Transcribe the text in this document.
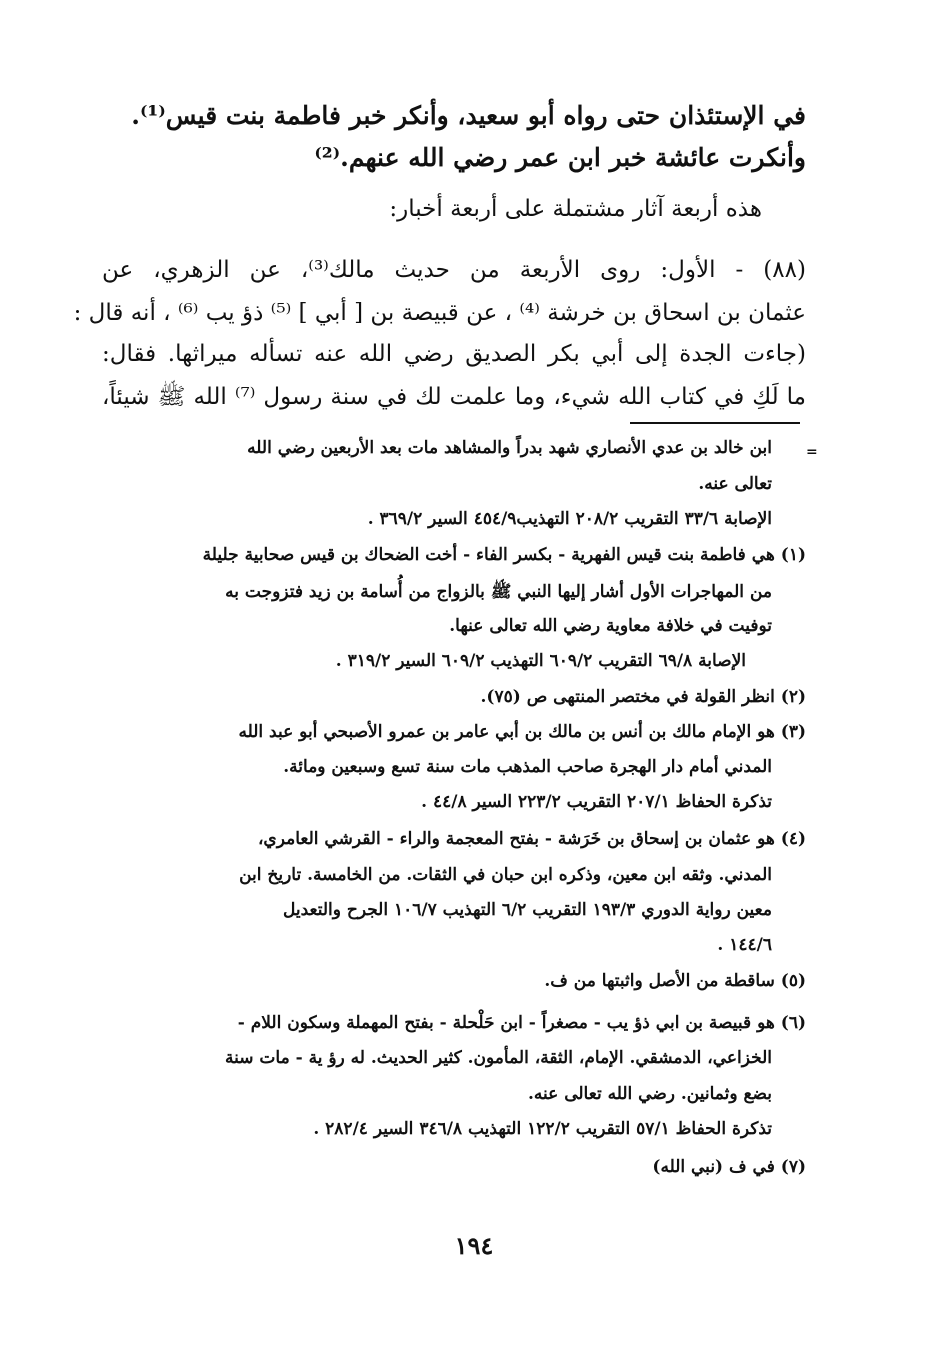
في الإستئذان حتى رواه أبو سعيد، وأنكر خبر فاطمة بنت قيس⁽¹⁾.
وأنكرت عائشة خبر ابن عمر رضي الله عنهم.⁽²⁾
هذه أربعة آثار مشتملة على أربعة أخبار:
(٨٨) - الأول: روى الأربعة من حديث مالك⁽³⁾، عن الزهري، عن
عثمان بن اسحاق بن خرشة ⁽⁴⁾ ، عن قبيصة بن [ أبي ] ⁽⁵⁾ ذؤ يب ⁽⁶⁾ ، أنه قال :
(جاءت الجدة إلى أبي بكر الصديق رضي الله عنه تسأله ميراثها. فقال:
ما لَكِ في كتاب الله شيء، وما علمت لك في سنة رسول ⁽⁷⁾ الله ﷺ شيئاً،
=
ابن خالد بن عدي الأنصاري شهد بدراً والمشاهد مات بعد الأربعين رضي الله
تعالى عنه.
الإصابة ٣٣/٦ التقريب ٢٠٨/٢ التهذيب٤٥٤/٩ السير ٣٦٩/٢ .
(١) هي فاطمة بنت قيس الفهرية - بكسر الفاء - أخت الضحاك بن قيس صحابية جليلة
من المهاجرات الأول أشار إليها النبي ﷺ بالزواج من أُسامة بن زيد فتزوجت به
توفيت في خلافة معاوية رضي الله تعالى عنها.
الإصابة ٦٩/٨ التقريب ٦٠٩/٢ التهذيب ٦٠٩/٢ السير ٣١٩/٢ .
(٢) انظر القولة في مختصر المنتهى ص (٧٥).
(٣) هو الإمام مالك بن أنس بن مالك بن أبي عامر بن عمرو الأصبحي أبو عبد الله
المدني أمام دار الهجرة صاحب المذهب مات سنة تسع وسبعين ومائة.
تذكرة الحفاظ ٢٠٧/١ التقريب ٢٢٣/٢ السير ٤٤/٨ .
(٤) هو عثمان بن إسحاق بن خَرَشة - بفتح المعجمة والراء - القرشي العامري،
المدني. وثقه ابن معين، وذكره ابن حبان في الثقات. من الخامسة. تاريخ ابن
معين رواية الدوري ١٩٣/٣ التقريب ٦/٢ التهذيب ١٠٦/٧ الجرح والتعديل
١٤٤/٦ .
(٥) ساقطة من الأصل واثبتها من ف.
(٦) هو قبيصة بن ابي ذؤ يب - مصغراً - ابن حَلْحلة - بفتح المهملة وسكون اللام -
الخزاعي، الدمشقي. الإمام، الثقة، المأمون. كثير الحديث. له رؤ ية - مات سنة
بضع وثمانين. رضي الله تعالى عنه.
تذكرة الحفاظ ٥٧/١ التقريب ١٢٢/٢ التهذيب ٣٤٦/٨ السير ٢٨٢/٤ .
(٧) في ف (نبي الله)
١٩٤
